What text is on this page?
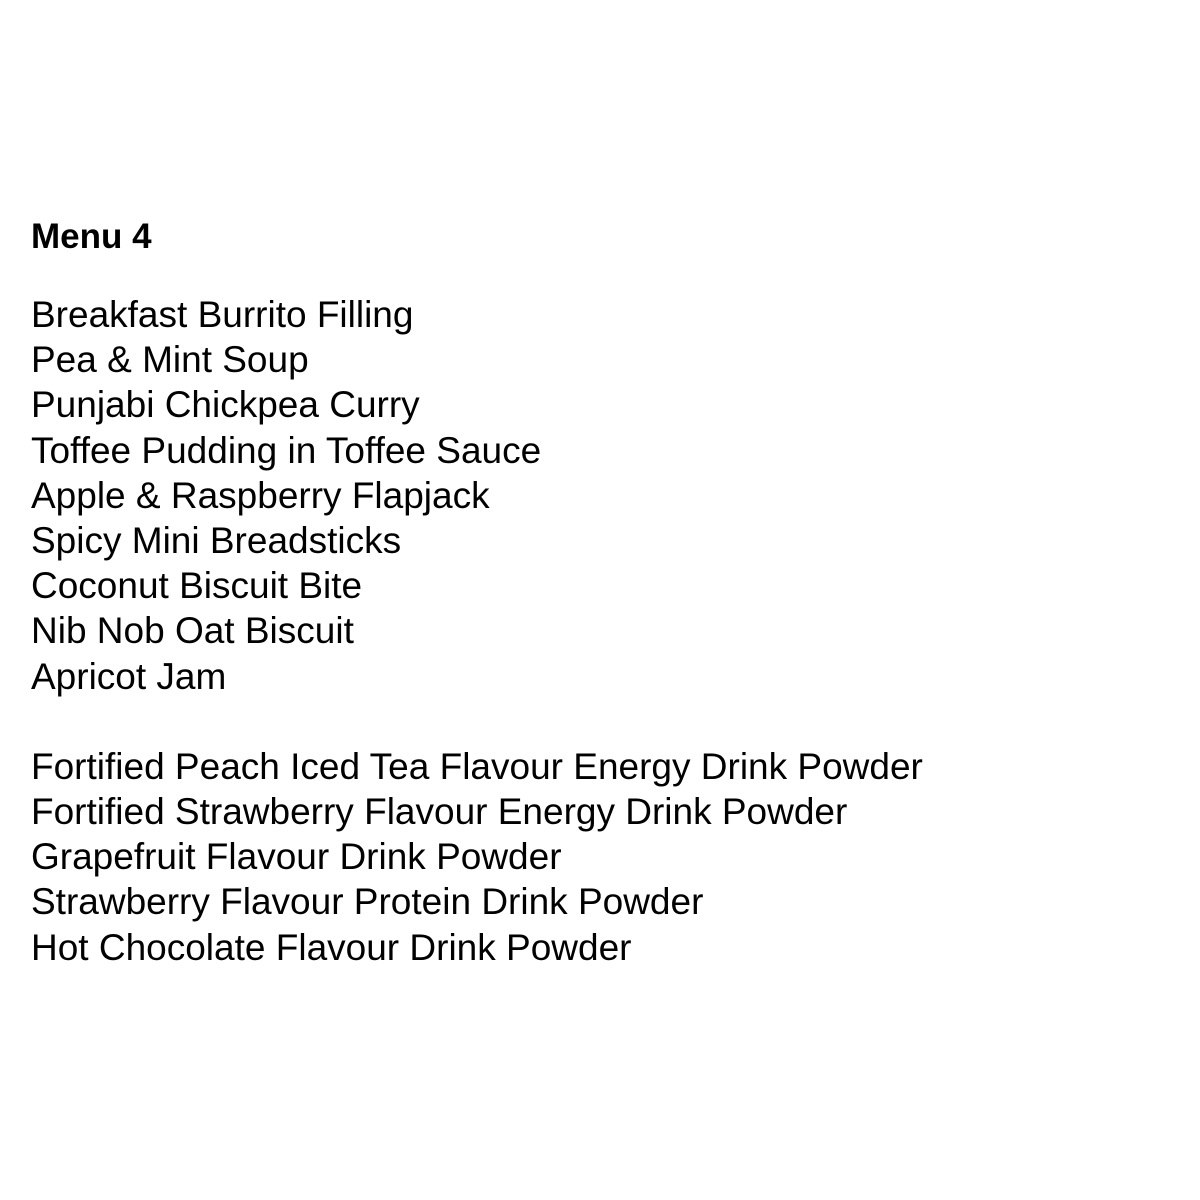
Menu 4
Breakfast Burrito Filling
Pea & Mint Soup
Punjabi Chickpea Curry
Toffee Pudding in Toffee Sauce
Apple & Raspberry Flapjack
Spicy Mini Breadsticks
Coconut Biscuit Bite
Nib Nob Oat Biscuit
Apricot Jam
Fortified Peach Iced Tea Flavour Energy Drink Powder
Fortified Strawberry Flavour Energy Drink Powder
Grapefruit Flavour Drink Powder
Strawberry Flavour Protein Drink Powder
Hot Chocolate Flavour Drink Powder
